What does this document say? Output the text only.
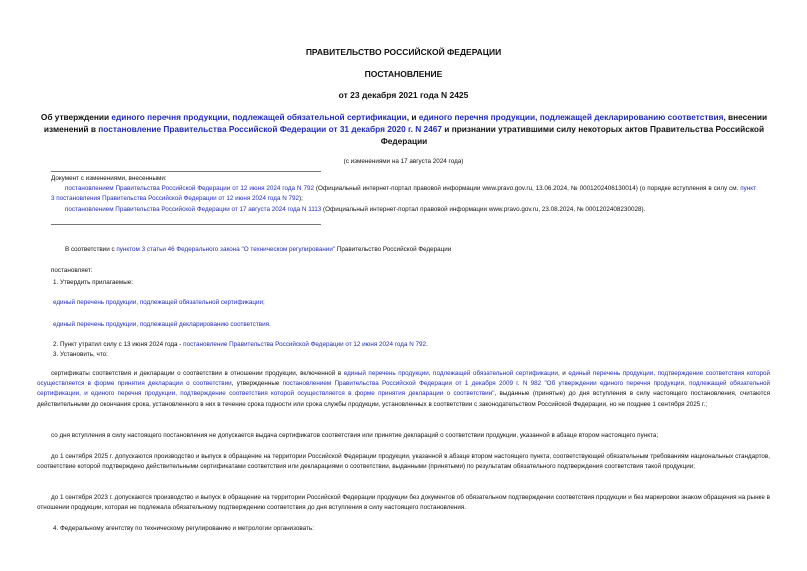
ПРАВИТЕЛЬСТВО РОССИЙСКОЙ ФЕДЕРАЦИИ
ПОСТАНОВЛЕНИЕ
от 23 декабря 2021 года N 2425
Об утверждении единого перечня продукции, подлежащей обязательной сертификации, и единого перечня продукции, подлежащей декларированию соответствия, внесении изменений в постановление Правительства Российской Федерации от 31 декабря 2020 г. N 2467 и признании утратившими силу некоторых актов Правительства Российской Федерации
(с изменениями на 17 августа 2024 года)
Документ с изменениями, внесенными:
постановлением Правительства Российской Федерации от 12 июня 2024 года N 792 (Официальный интернет-портал правовой информации www.pravo.gov.ru, 13.06.2024, № 0001202406130014) (о порядке вступления в силу см. пункт 3 постановления Правительства Российской Федерации от 12 июня 2024 года N 792);
постановлением Правительства Российской Федерации от 17 августа 2024 года N 1113 (Официальный интернет-портал правовой информации www.pravo.gov.ru, 23.08.2024, № 0001202408230028).
В соответствии с пунктом 3 статьи 46 Федерального закона "О техническом регулировании" Правительство Российской Федерации
постановляет:
1. Утвердить прилагаемые:
единый перечень продукции, подлежащей обязательной сертификации;
единый перечень продукции, подлежащей декларированию соответствия.
2. Пункт утратил силу с 13 июня 2024 года - постановление Правительства Российской Федерации от 12 июня 2024 года N 792.
3. Установить, что:
сертификаты соответствия и декларации о соответствии в отношении продукции, включенной в единый перечень продукции, подлежащей обязательной сертификации, и единый перечень продукции, подтверждение соответствия которой осуществляется в форме принятия декларации о соответствии, утвержденные постановлением Правительства Российской Федерации от 1 декабря 2009 г. N 982 "Об утверждении единого перечня продукции, подлежащей обязательной сертификации, и единого перечня продукции, подтверждение соответствия которой осуществляется в форме принятия декларации о соответствии", выданные (принятые) до дня вступления в силу настоящего постановления, считаются действительными до окончания срока, установленного в них в течение срока годности или срока службы продукции, установленных в соответствии с законодательством Российской Федерации, но не позднее 1 сентября 2025 г.;
со дня вступления в силу настоящего постановления не допускается выдача сертификатов соответствия или принятие деклараций о соответствии продукции, указанной в абзаце втором настоящего пункта;
до 1 сентября 2025 г. допускаются производство и выпуск в обращение на территории Российской Федерации продукции, указанной в абзаце втором настоящего пункта, соответствующей обязательным требованиям национальных стандартов, соответствие которой подтверждено действительными сертификатами соответствия или декларациями о соответствии, выданными (принятыми) по результатам обязательного подтверждения соответствия такой продукции;
до 1 сентября 2023 г. допускаются производство и выпуск в обращение на территории Российской Федерации продукции без документов об обязательном подтверждении соответствия продукции и без маркировки знаком обращения на рынке в отношении продукции, которая не подлежала обязательному подтверждению соответствия до дня вступления в силу настоящего постановления.
4. Федеральному агентству по техническому регулированию и метрологии организовать:
